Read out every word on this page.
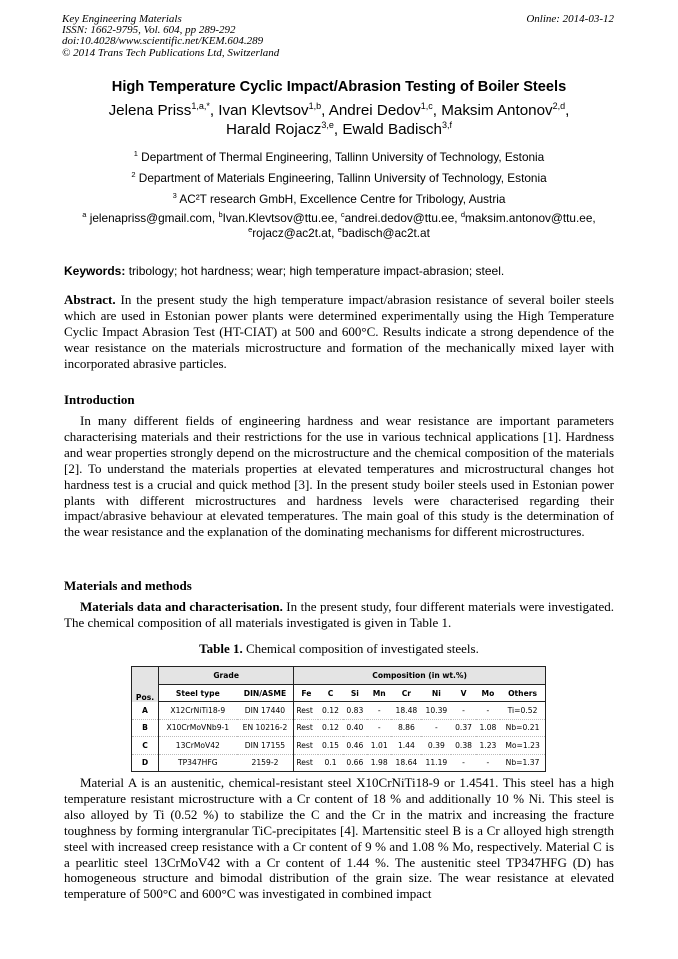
Key Engineering Materials
ISSN: 1662-9795, Vol. 604, pp 289-292
doi:10.4028/www.scientific.net/KEM.604.289
© 2014 Trans Tech Publications Ltd, Switzerland
Online: 2014-03-12
High Temperature Cyclic Impact/Abrasion Testing of Boiler Steels
Jelena Priss$^{1,a,*}$, Ivan Klevtsov$^{1,b}$, Andrei Dedov$^{1,c}$, Maksim Antonov$^{2,d}$,
Harald Rojacz$^{3,e}$, Ewald Badisch$^{3,f}$
$^1$ Department of Thermal Engineering, Tallinn University of Technology, Estonia
$^2$ Department of Materials Engineering, Tallinn University of Technology, Estonia
$^3$ AC²T research GmbH, Excellence Centre for Tribology, Austria
$^a$ jelenapriss@gmail.com, $^b$Ivan.Klevtsov@ttu.ee, $^c$andrei.dedov@ttu.ee, $^d$maksim.antonov@ttu.ee,
$^e$rojacz@ac2t.at, $^e$badisch@ac2t.at
Keywords: tribology; hot hardness; wear; high temperature impact-abrasion; steel.
Abstract. In the present study the high temperature impact/abrasion resistance of several boiler steels which are used in Estonian power plants were determined experimentally using the High Temperature Cyclic Impact Abrasion Test (HT-CIAT) at 500 and 600°C. Results indicate a strong dependence of the wear resistance on the materials microstructure and formation of the mechanically mixed layer with incorporated abrasive particles.
Introduction
In many different fields of engineering hardness and wear resistance are important parameters characterising materials and their restrictions for the use in various technical applications [1]. Hardness and wear properties strongly depend on the microstructure and the chemical composition of the materials [2]. To understand the materials properties at elevated temperatures and microstructural changes hot hardness test is a crucial and quick method [3]. In the present study boiler steels used in Estonian power plants with different microstructures and hardness levels were characterised regarding their impact/abrasive behaviour at elevated temperatures. The main goal of this study is the determination of the wear resistance and the explanation of the dominating mechanisms for different microstructures.
Materials and methods
Materials data and characterisation. In the present study, four different materials were investigated. The chemical composition of all materials investigated is given in Table 1.
Table 1. Chemical composition of investigated steels.
Pos.	Grade		Composition (in wt.%)								
	Steel type	DIN/ASME	Fe	C	Si	Mn	Cr	Ni	V	Mo	Others
A	X12CrNiTi18-9	DIN 17440	Rest	0.12	0.83	-	18.48	10.39	-	-	Ti=0.52
B	X10CrMoVNb9-1	EN 10216-2	Rest	0.12	0.40	-	8.86	-	0.37	1.08	Nb=0.21
C	13CrMoV42	DIN 17155	Rest	0.15	0.46	1.01	1.44	0.39	0.38	1.23	Mo=1.23
D	TP347HFG	2159-2	Rest	0.1	0.66	1.98	18.64	11.19	-	-	Nb=1.37
Material A is an austenitic, chemical-resistant steel X10CrNiTi18-9 or 1.4541. This steel has a high temperature resistant microstructure with a Cr content of 18 % and additionally 10 % Ni. This steel is also alloyed by Ti (0.52 %) to stabilize the C and the Cr in the matrix and increasing the fracture toughness by forming intergranular TiC-precipitates [4]. Martensitic steel B is a Cr alloyed high strength steel with increased creep resistance with a Cr content of 9 % and 1.08 % Mo, respectively. Material C is a pearlitic steel 13CrMoV42 with a Cr content of 1.44 %. The austenitic steel TP347HFG (D) has homogeneous structure and bimodal distribution of the grain size. The wear resistance at elevated temperature of 500°C and 600°C was investigated in combined impact
